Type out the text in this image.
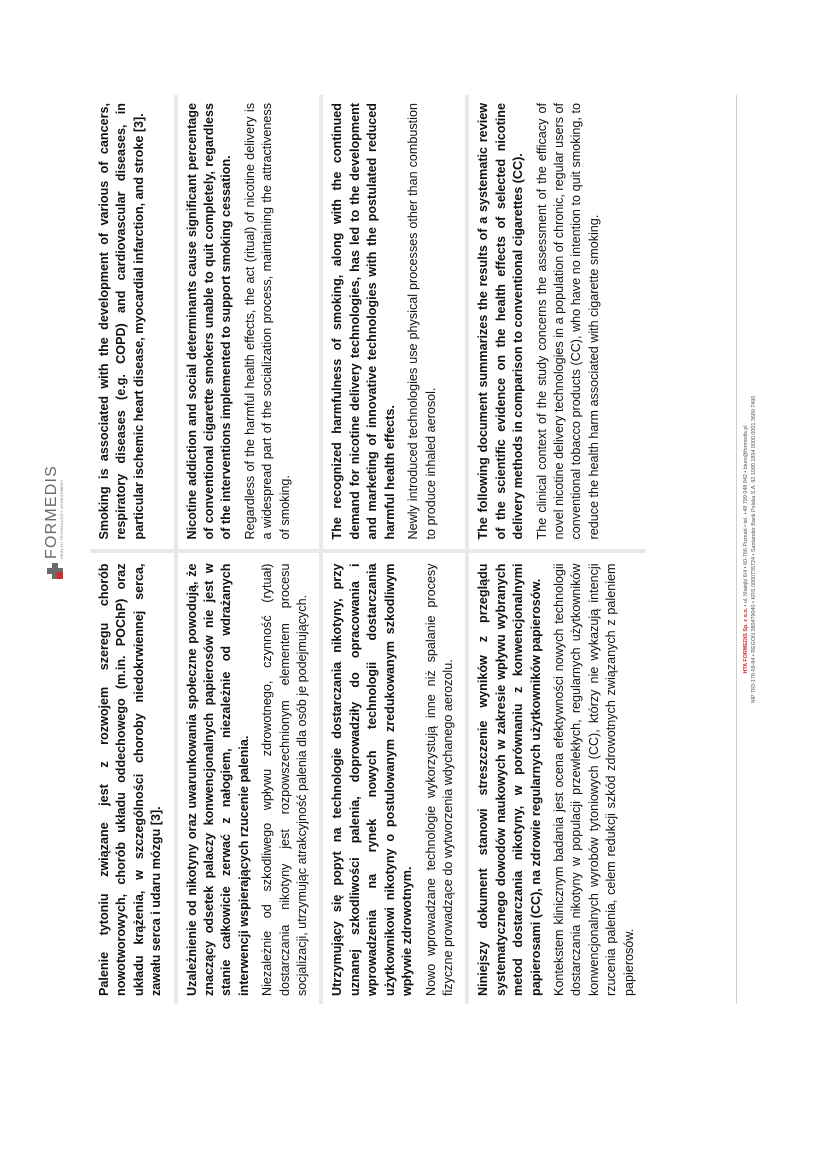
FORMEDIS HEALTH TECHNOLOGY ASSESSMENT

Palenie tytoniu związane jest z rozwojem szeregu chorób nowotworowych, chorób układu oddechowego (m.in. POChP) oraz układu krążenia, w szczególności choroby niedokrwiennej serca, zawału serca i udaru mózgu [3].

Smoking is associated with the development of various of cancers, respiratory diseases (e.g. COPD) and cardiovascular diseases, in particular ischemic heart disease, myocardial infarction, and stroke [3].

Uzależnienie od nikotyny oraz uwarunkowania społeczne powodują, że znaczący odsetek palaczy konwencjonalnych papierosów nie jest w stanie całkowicie zerwać z nałogiem, niezależnie od wdrażanych interwencji wspierających rzucenie palenia. Niezależnie od szkodliwego wpływu zdrowotnego, czynność (rytuał) dostarczania nikotyny jest rozpowszechnionym elementem procesu socjalizacji, utrzymując atrakcyjność palenia dla osób je podejmujących.

Nicotine addiction and social determinants cause significant percentage of conventional cigarette smokers unable to quit completely, regardless of the interventions implemented to support smoking cessation. Regardless of the harmful health effects, the act (ritual) of nicotine delivery is a widespread part of the socialization process, maintaining the attractiveness of smoking.

Utrzymujący się popyt na technologie dostarczania nikotyny, przy uznanej szkodliwości palenia, doprowadziły do opracowania i wprowadzenia na rynek nowych technologii dostarczania użytkownikowi nikotyny o postulowanym zredukowanym szkodliwym wpływie zdrowotnym. Nowo wprowadzane technologie wykorzystują inne niż spalanie procesy fizyczne prowadzące do wytworzenia wdychanego aerozolu.

The recognized harmfulness of smoking, along with the continued demand for nicotine delivery technologies, has led to the development and marketing of innovative technologies with the postulated reduced harmful health effects. Newly introduced technologies use physical processes other than combustion to produce inhaled aerosol.

Niniejszy dokument stanowi streszczenie wyników z przeglądu systematycznego dowodów naukowych w zakresie wpływu wybranych metod dostarczania nikotyny, w porównaniu z konwencjonalnymi papierosami (CC), na zdrowie regularnych użytkowników papierosów. Kontekstem klinicznym badania jest ocena efektywności nowych technologii dostarczania nikotyny w populacji przewlekłych, regularnych użytkowników konwencjonalnych wyrobów tytoniowych (CC), którzy nie wykazują intencji rzucenia palenia, celem redukcji szkód zdrowotnych związanych z paleniem papierosów.

The following document summarizes the results of a systematic review of the scientific evidence on the health effects of selected nicotine delivery methods in comparison to conventional cigarettes (CC). The clinical context of the study concerns the assessment of the efficacy of novel nicotine delivery technologies in a population of chronic, regular users of conventional tobacco products (CC), who have no intention to quit smoking, to reduce the health harm associated with cigarette smoking.

HTA FORMEDIS Sp. z o.o. • ul. Matejki 6/4 • 60-766 Poznań • tel. +48 799 048 842 • biuro@formedis.pl NIP 783-178-09-84 • REGON 380479040 • KRS 0000735724 • Santander Bank Polska S.A. 92 1090 1854 0000 0001 3689 7490
